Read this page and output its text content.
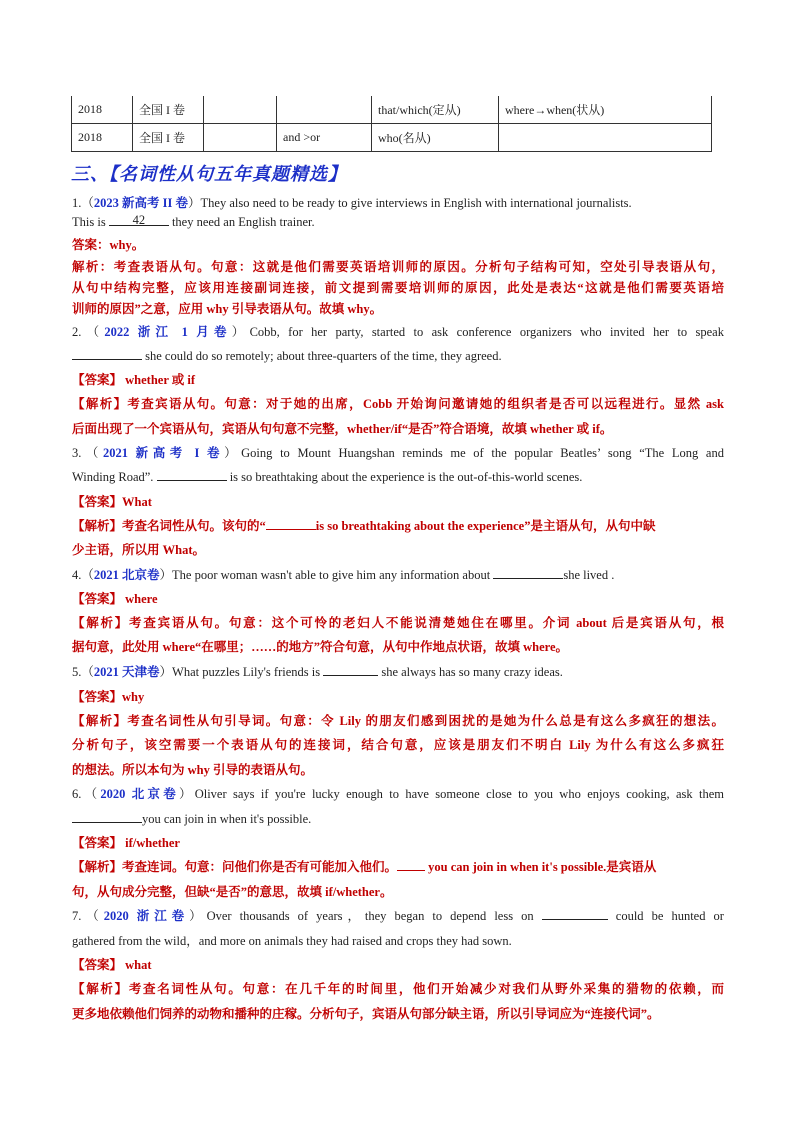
2018	全国 I 卷			that/which(定从)	where→when(状从)
2018	全国 I 卷		and >or	who(名从)	
三、【名词性从句五年真题精选】
1.（2023 新高考 II 卷）They also need to be ready to give interviews in English with international journalists.
This is 42 they need an English trainer.
答案：why。
解析：考查表语从句。句意：这就是他们需要英语培训师的原因。分析句子结构可知，空处引导表语从句，
从句中结构完整，应该用连接副词连接，前文提到需要培训师的原因，此处是表达“这就是他们需要英语培
训师的原因”之意，应用 why 引导表语从句。故填 why。
2.（2022 浙江 1 月卷）Cobb, for her party, started to ask conference organizers who invited her to speak
she could do so remotely; about three-quarters of the time, they agreed.
【答案】 whether 或 if
【解析】考查宾语从句。句意：对于她的出席，Cobb 开始询问邀请她的组织者是否可以远程进行。显然 ask
后面出现了一个宾语从句，宾语从句句意不完整，whether/if“是否”符合语境，故填 whether 或 if。
3.（2021 新高考 I 卷）Going to Mount Huangshan reminds me of the popular Beatles’ song “The Long and
Winding Road”.	is so breathtaking about the experience is the out-of-this-world scenes.
【答案】What
【解析】考查名词性从句。该句的“	is so breathtaking about the experience”是主语从句，从句中缺
少主语，所以用 What。
4.（2021 北京卷）The poor woman wasn't able to give him any information about	she lived .
【答案】 where
【解析】考查宾语从句。句意：这个可怜的老妇人不能说清楚她住在哪里。介词 about 后是宾语从句，根
据句意，此处用 where“在哪里；……的地方”符合句意，从句中作地点状语，故填 where。
5.（2021 天津卷）What puzzles Lily's friends is	she always has so many crazy ideas.
【答案】why
【解析】考查名词性从句引导词。句意：令 Lily 的朋友们感到困扰的是她为什么总是有这么多疯狂的想法。
分析句子，该空需要一个表语从句的连接词，结合句意，应该是朋友们不明白 Lily 为什么有这么多疯狂
的想法。所以本句为 why 引导的表语从句。
6.（2020 北京卷）Oliver says if you're lucky enough to have someone close to you who enjoys cooking, ask them
you can join in when it's possible.
【答案】 if/whether
【解析】考查连词。句意：问他们你是否有可能加入他们。 you can join in when it's possible.是宾语从
句，从句成分完整，但缺“是否”的意思，故填 if/whether。
7.（2020 浙江卷）Over thousands of years，they began to depend less on	could be hunted or
gathered from the wild，and more on animals they had raised and crops they had sown.
【答案】 what
【解析】考查名词性从句。句意：在几千年的时间里，他们开始减少对我们从野外采集的猎物的依赖，而
更多地依赖他们饲养的动物和播种的庄稼。分析句子，宾语从句部分缺主语，所以引导词应为“连接代词”。
